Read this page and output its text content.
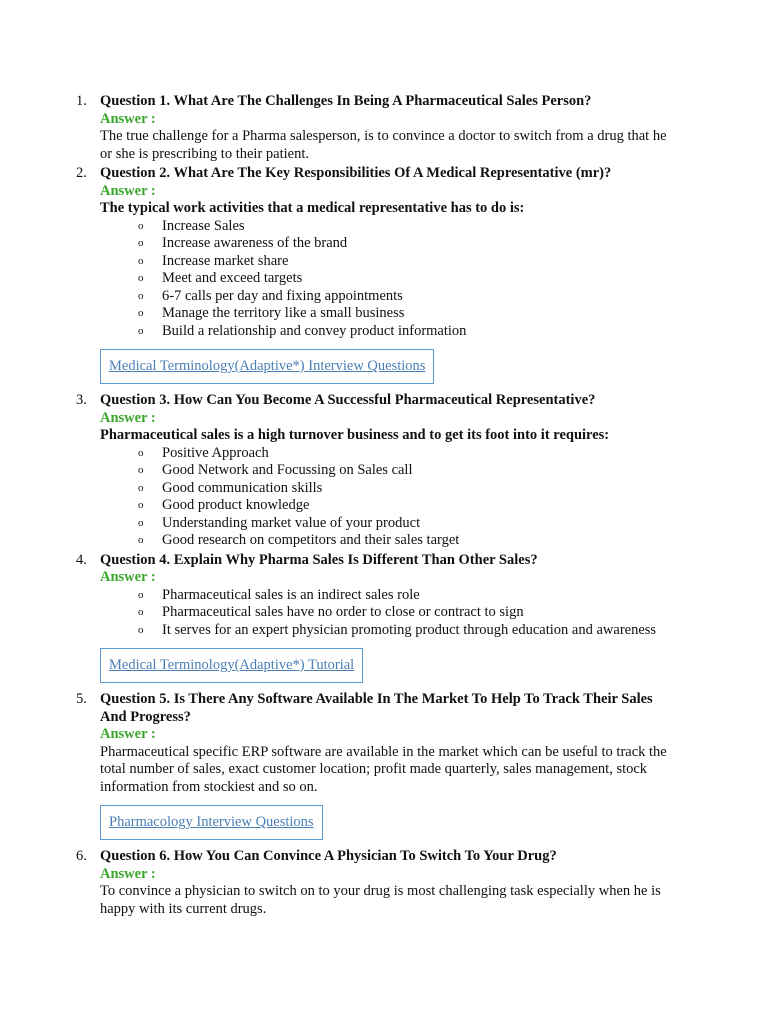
1. Question 1. What Are The Challenges In Being A Pharmaceutical Sales Person?
Answer :

The true challenge for a Pharma salesperson, is to convince a doctor to switch from a drug that he or she is prescribing to their patient.

2. Question 2. What Are The Key Responsibilities Of A Medical Representative (mr)?
Answer :

The typical work activities that a medical representative has to do is:

o Increase Sales
o Increase awareness of the brand
o Increase market share
o Meet and exceed targets
o 6-7 calls per day and fixing appointments
o Manage the territory like a small business
o Build a relationship and convey product information
Medical Terminology(Adaptive*) Interview Questions
3. Question 3. How Can You Become A Successful Pharmaceutical Representative?
Answer :

Pharmaceutical sales is a high turnover business and to get its foot into it requires:

o Positive Approach
o Good Network and Focussing on Sales call
o Good communication skills
o Good product knowledge
o Understanding market value of your product
o Good research on competitors and their sales target
4. Question 4. Explain Why Pharma Sales Is Different Than Other Sales?
Answer :
o Pharmaceutical sales is an indirect sales role
o Pharmaceutical sales have no order to close or contract to sign
o It serves for an expert physician promoting product through education and awareness
Medical Terminology(Adaptive*) Tutorial
5. Question 5. Is There Any Software Available In The Market To Help To Track Their Sales And Progress?
Answer :

Pharmaceutical specific ERP software are available in the market which can be useful to track the total number of sales, exact customer location; profit made quarterly, sales management, stock information from stockiest and so on.

Pharmacology Interview Questions
6. Question 6. How You Can Convince A Physician To Switch To Your Drug?
Answer :

To convince a physician to switch on to your drug is most challenging task especially when he is happy with its current drugs.
